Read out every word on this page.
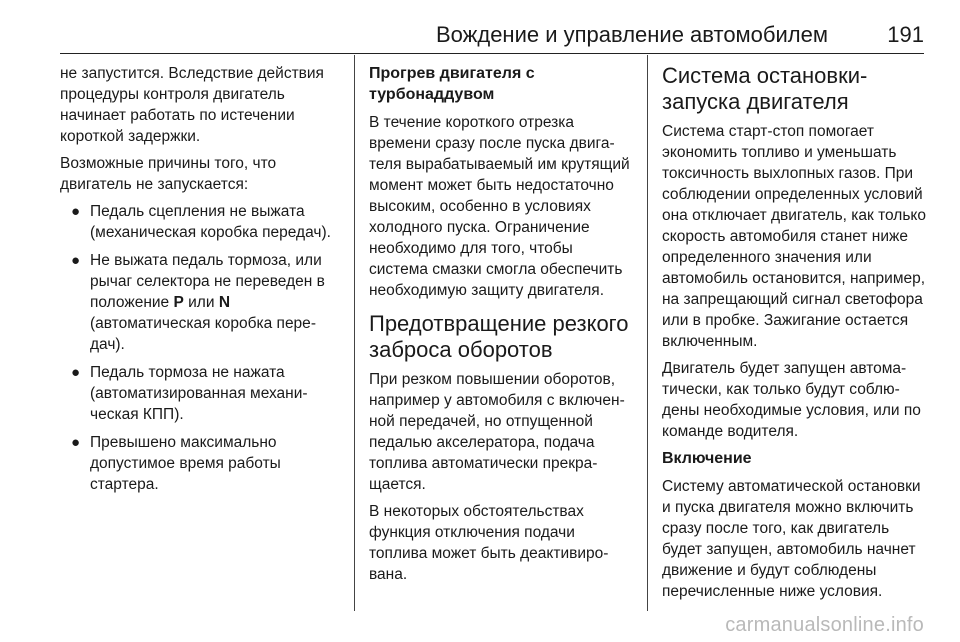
Вождение и управление автомобилем	191

не запустится. Вследствие действия процедуры контроля двигатель начинает работать по истечении короткой задержки.

Возможные причины того, что двигатель не запускается:

● Педаль сцепления не выжата (механическая коробка передач).
● Не выжата педаль тормоза, или рычаг селектора не переведен в положение P или N (автоматическая коробка передач).
● Педаль тормоза не нажата (автоматизированная механическая КПП).
● Превышено максимально допустимое время работы стартера.
Прогрев двигателя с турбонаддувом

В течение короткого отрезка времени сразу после пуска двигателя вырабатываемый им крутящий момент может быть недостаточно высоким, особенно в условиях холодного пуска. Ограничение необходимо для того, чтобы система смазки смогла обеспечить необходимую защиту двигателя.

Предотвращение резкого заброса оборотов

При резком повышении оборотов, например у автомобиля с включенной передачей, но отпущенной педалью акселератора, подача топлива автоматически прекращается.

В некоторых обстоятельствах функция отключения подачи топлива может быть деактивирована.

Система остановки-запуска двигателя

Система старт-стоп помогает экономить топливо и уменьшать токсичность выхлопных газов. При соблюдении определенных условий она отключает двигатель, как только скорость автомобиля станет ниже определенного значения или автомобиль остановится, например, на запрещающий сигнал светофора или в пробке. Зажигание остается включенным.

Двигатель будет запущен автоматически, как только будут соблюдены необходимые условия, или по команде водителя.

Включение

Систему автоматической остановки и пуска двигателя можно включить сразу после того, как двигатель будет запущен, автомобиль начнет движение и будут соблюдены перечисленные ниже условия.

carmanualsonline.info
